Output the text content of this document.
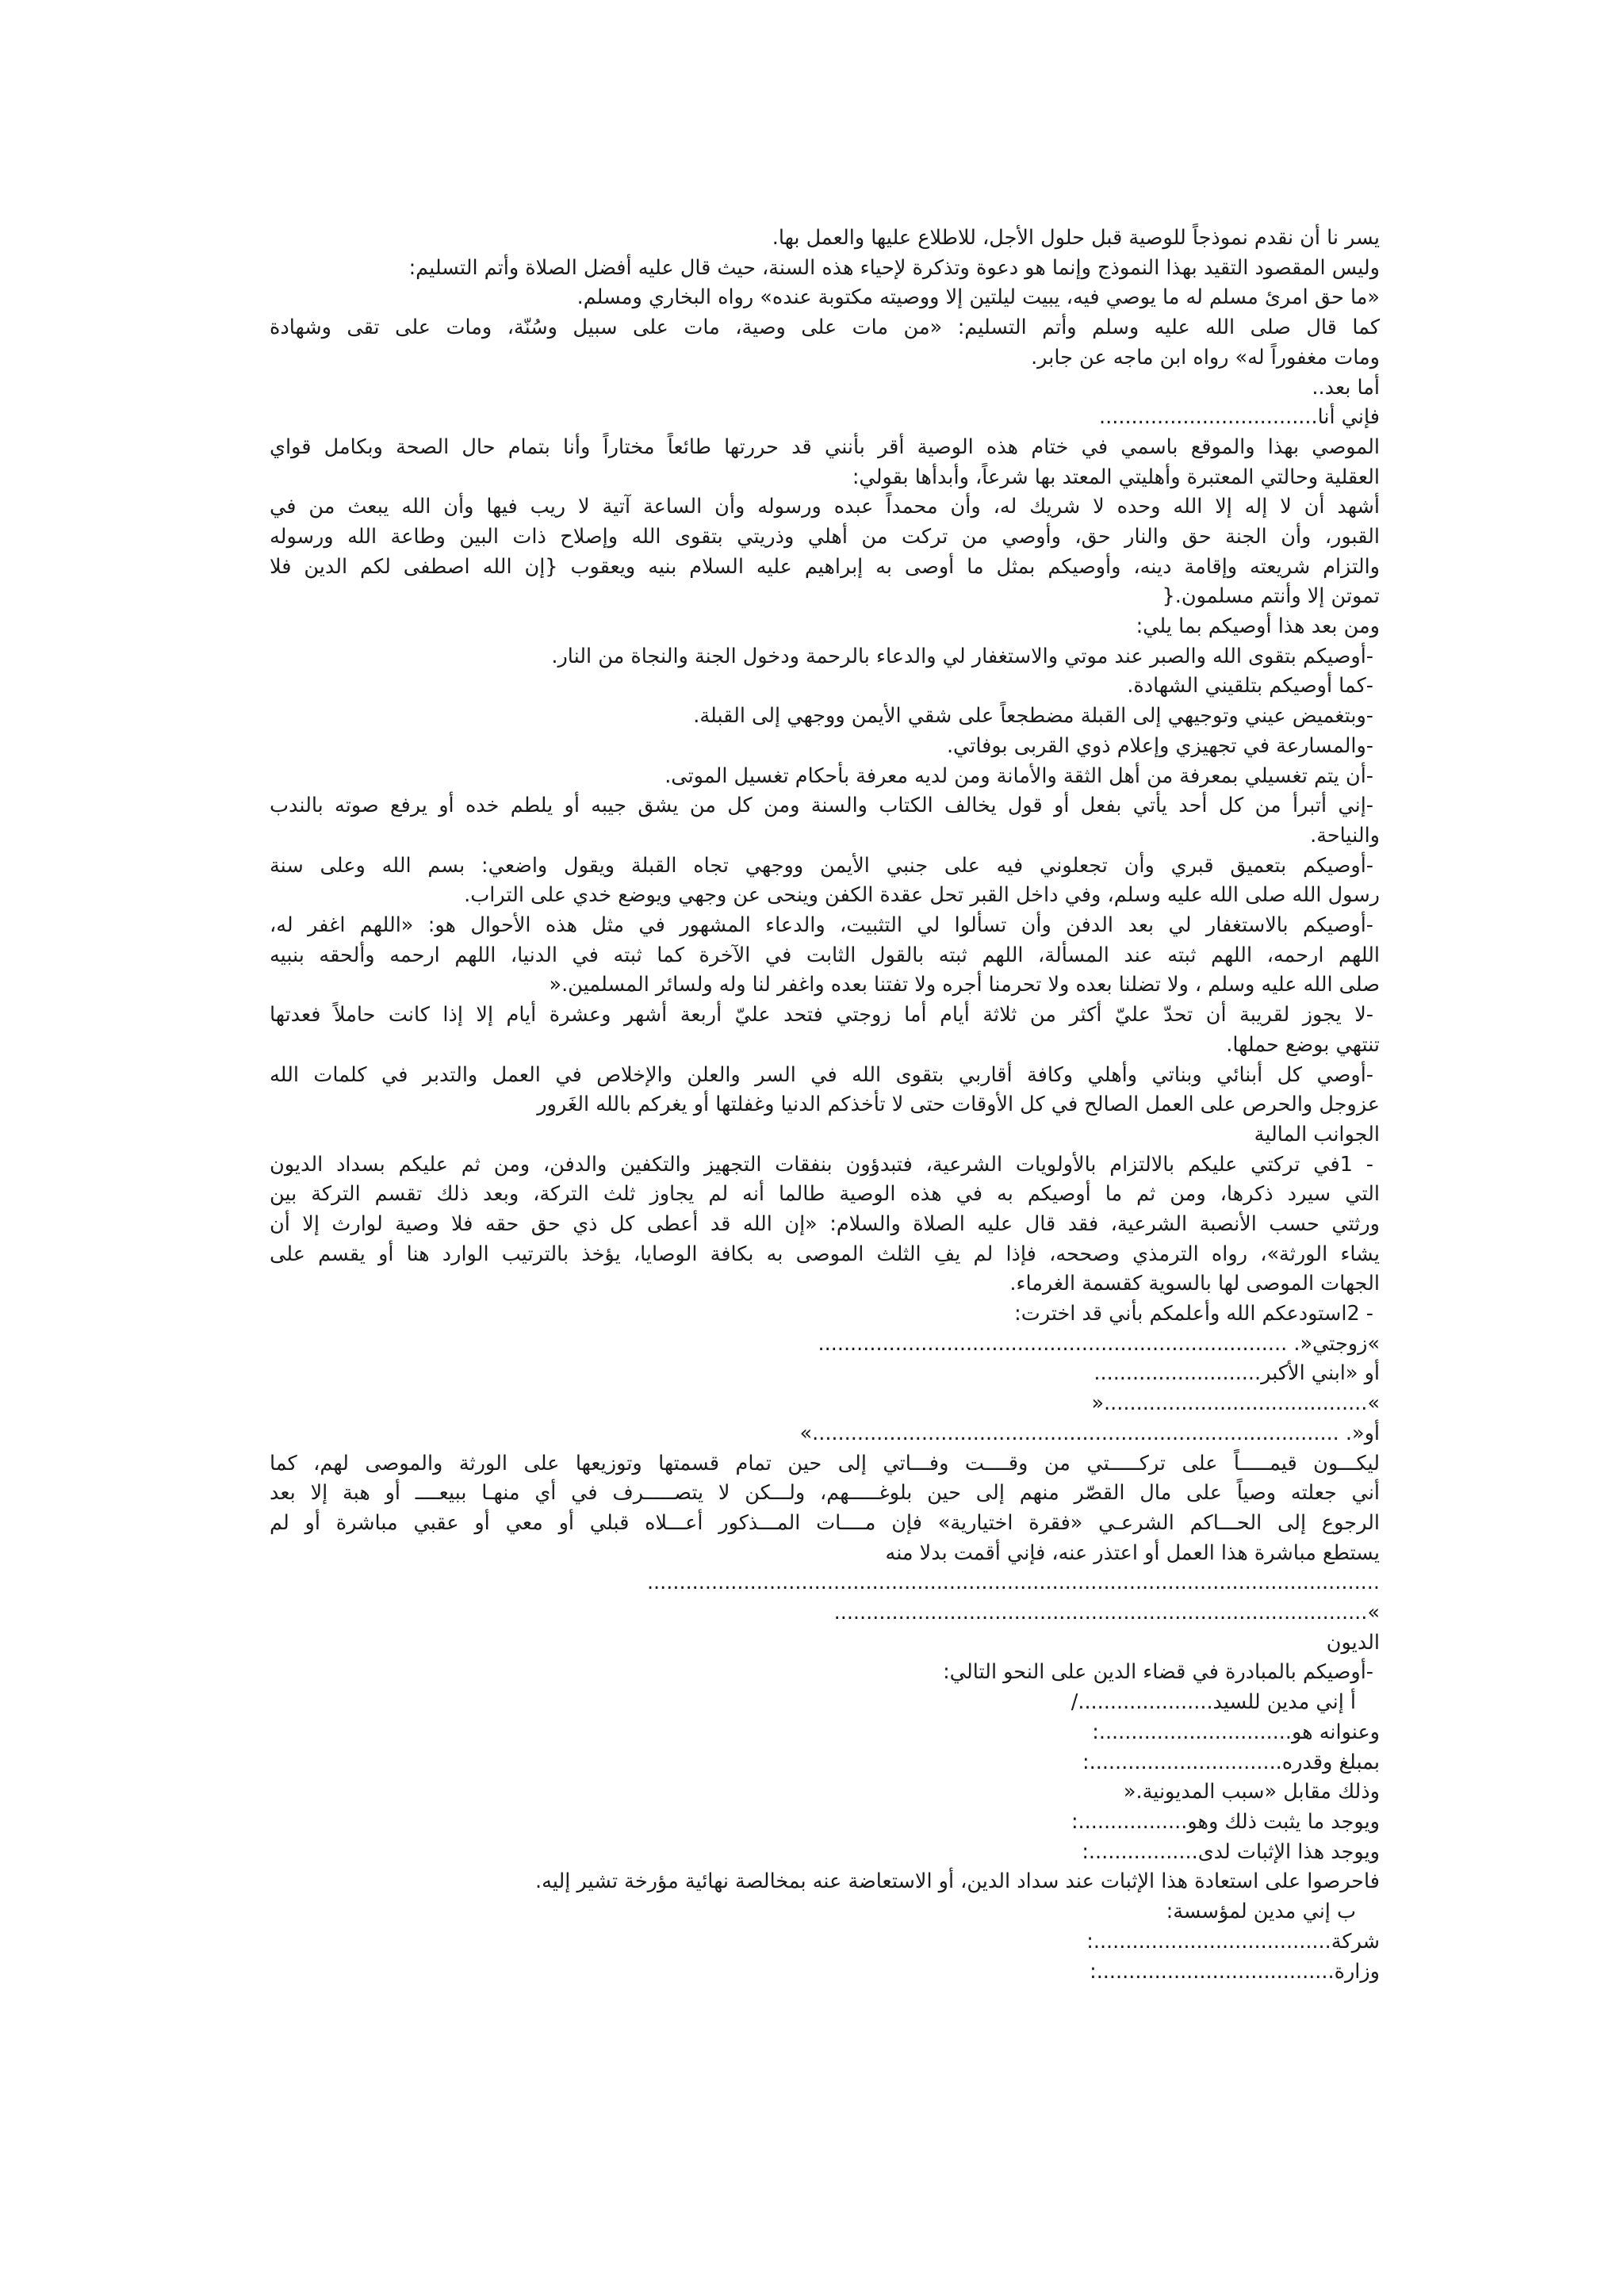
يسر نا أن نقدم نموذجاً للوصية قبل حلول الأجل، للاطلاع عليها والعمل بها.
وليس المقصود التقيد بهذا النموذج وإنما هو دعوة وتذكرة لإحياء هذه السنة، حيث قال عليه أفضل الصلاة وأتم التسليم:
«ما حق امرئ مسلم له ما يوصي فيه، يبيت ليلتين إلا ووصيته مكتوبة عنده» رواه البخاري ومسلم.
كما قال صلى الله عليه وسلم وأتم التسليم: «من مات على وصية، مات على سبيل وسُنّة، ومات على تقى وشهادة
ومات مغفوراً له» رواه ابن ماجه عن جابر.
أما بعد..
فإني أنا..................................
الموصي بهذا والموقع باسمي في ختام هذه الوصية أقر بأنني قد حررتها طائعاً مختاراً وأنا بتمام حال الصحة وبكامل قواي
العقلية وحالتي المعتبرة وأهليتي المعتد بها شرعاً، وأبدأها بقولي:
أشهد أن لا إله إلا الله وحده لا شريك له، وأن محمداً عبده ورسوله وأن الساعة آتية لا ريب فيها وأن الله يبعث من في
القبور، وأن الجنة حق والنار حق، وأوصي من تركت من أهلي وذريتي بتقوى الله وإصلاح ذات البين وطاعة الله ورسوله
والتزام شريعته وإقامة دينه، وأوصيكم بمثل ما أوصى به إبراهيم عليه السلام بنيه ويعقوب {إن الله اصطفى لكم الدين فلا
تموتن إلا وأنتم مسلمون.{
ومن بعد هذا أوصيكم بما يلي:
-أوصيكم بتقوى الله والصبر عند موتي والاستغفار لي والدعاء بالرحمة ودخول الجنة والنجاة من النار.
-كما أوصيكم بتلقيني الشهادة.
-وبتغميض عيني وتوجيهي إلى القبلة مضطجعاً على شقي الأيمن ووجهي إلى القبلة.
-والمسارعة في تجهيزي وإعلام ذوي القربى بوفاتي.
-أن يتم تغسيلي بمعرفة من أهل الثقة والأمانة ومن لديه معرفة بأحكام تغسيل الموتى.
-إني أتبرأ من كل أحد يأتي بفعل أو قول يخالف الكتاب والسنة ومن كل من يشق جيبه أو يلطم خده أو يرفع صوته بالندب
والنياحة.
-أوصيكم بتعميق قبري وأن تجعلوني فيه على جنبي الأيمن ووجهي تجاه القبلة ويقول واضعي: بسم الله وعلى سنة
رسول الله صلى الله عليه وسلم، وفي داخل القبر تحل عقدة الكفن وينحى عن وجهي ويوضع خدي على التراب.
-أوصيكم بالاستغفار لي بعد الدفن وأن تسألوا لي التثبيت، والدعاء المشهور في مثل هذه الأحوال هو: «اللهم اغفر له،
اللهم ارحمه، اللهم ثبته عند المسألة، اللهم ثبته بالقول الثابت في الآخرة كما ثبته في الدنيا، اللهم ارحمه وألحقه بنبيه
صلى الله عليه وسلم ، ولا تضلنا بعده ولا تحرمنا أجره ولا تفتنا بعده واغفر لنا وله ولسائر المسلمين.«
-لا يجوز لقريبة أن تحدّ عليّ أكثر من ثلاثة أيام أما زوجتي فتحد عليّ أربعة أشهر وعشرة أيام إلا إذا كانت حاملاً فعدتها
تنتهي بوضع حملها.
-أوصي كل أبنائي وبناتي وأهلي وكافة أقاربي بتقوى الله في السر والعلن والإخلاص في العمل والتدبر في كلمات الله
عزوجل والحرص على العمل الصالح في كل الأوقات حتى لا تأخذكم الدنيا وغفلتها أو يغركم بالله الغَرور
الجوانب المالية
- 1في تركتي عليكم بالالتزام بالأولويات الشرعية، فتبدؤون بنفقات التجهيز والتكفين والدفن، ومن ثم عليكم بسداد الديون
التي سيرد ذكرها، ومن ثم ما أوصيكم به في هذه الوصية طالما أنه لم يجاوز ثلث التركة، وبعد ذلك تقسم التركة بين
ورثتي حسب الأنصبة الشرعية، فقد قال عليه الصلاة والسلام: «إن الله قد أعطى كل ذي حق حقه فلا وصية لوارث إلا أن
يشاء الورثة»، رواه الترمذي وصححه، فإذا لم يفِ الثلث الموصى به بكافة الوصايا، يؤخذ بالترتيب الوارد هنا أو يقسم على
الجهات الموصى لها بالسوية كقسمة الغرماء.
- 2استودعكم الله وأعلمكم بأني قد اخترت:
»زوجتي«. .........................................................................
أو «ابني الأكبر..........................
».........................................«
أو«. ..................................................................................»
ليكـــون قيمـــــاً على تركـــــتي من وقــــت وفـــاتي إلى حين تمام قسمتها وتوزيعها على الورثة والموصى لهم، كما
أني جعلته وصياً على مال القصّر منهم إلى حين بلوغـــــهم، ولـــكن لا يتصـــــرف في أي منهـا ببيعــــ أو هبة إلا بعد
الرجوع إلى الحـــاكم الشرعـي «فقرة اختيارية» فإن مــــات المـــذكور أعـــلاه قبلي أو معي أو عقبي مباشرة أو لم
يستطع مباشرة هذا العمل أو اعتذر عنه، فإني أقمت بدلا منه
..................................................................................................................
»...................................................................................
الديون
-أوصيكم بالمبادرة في قضاء الدين على النحو التالي:
أ إني مدين للسيد...................../
وعنوانه هو..............................:
بمبلغ وقدره..............................:
وذلك مقابل «سبب المديونية.«
ويوجد ما يثبت ذلك وهو.................:
ويوجد هذا الإثبات لدى.................:
فاحرصوا على استعادة هذا الإثبات عند سداد الدين، أو الاستعاضة عنه بمخالصة نهائية مؤرخة تشير إليه.
ب إني مدين لمؤسسة:
شركة.....................................:
وزارة.....................................:
